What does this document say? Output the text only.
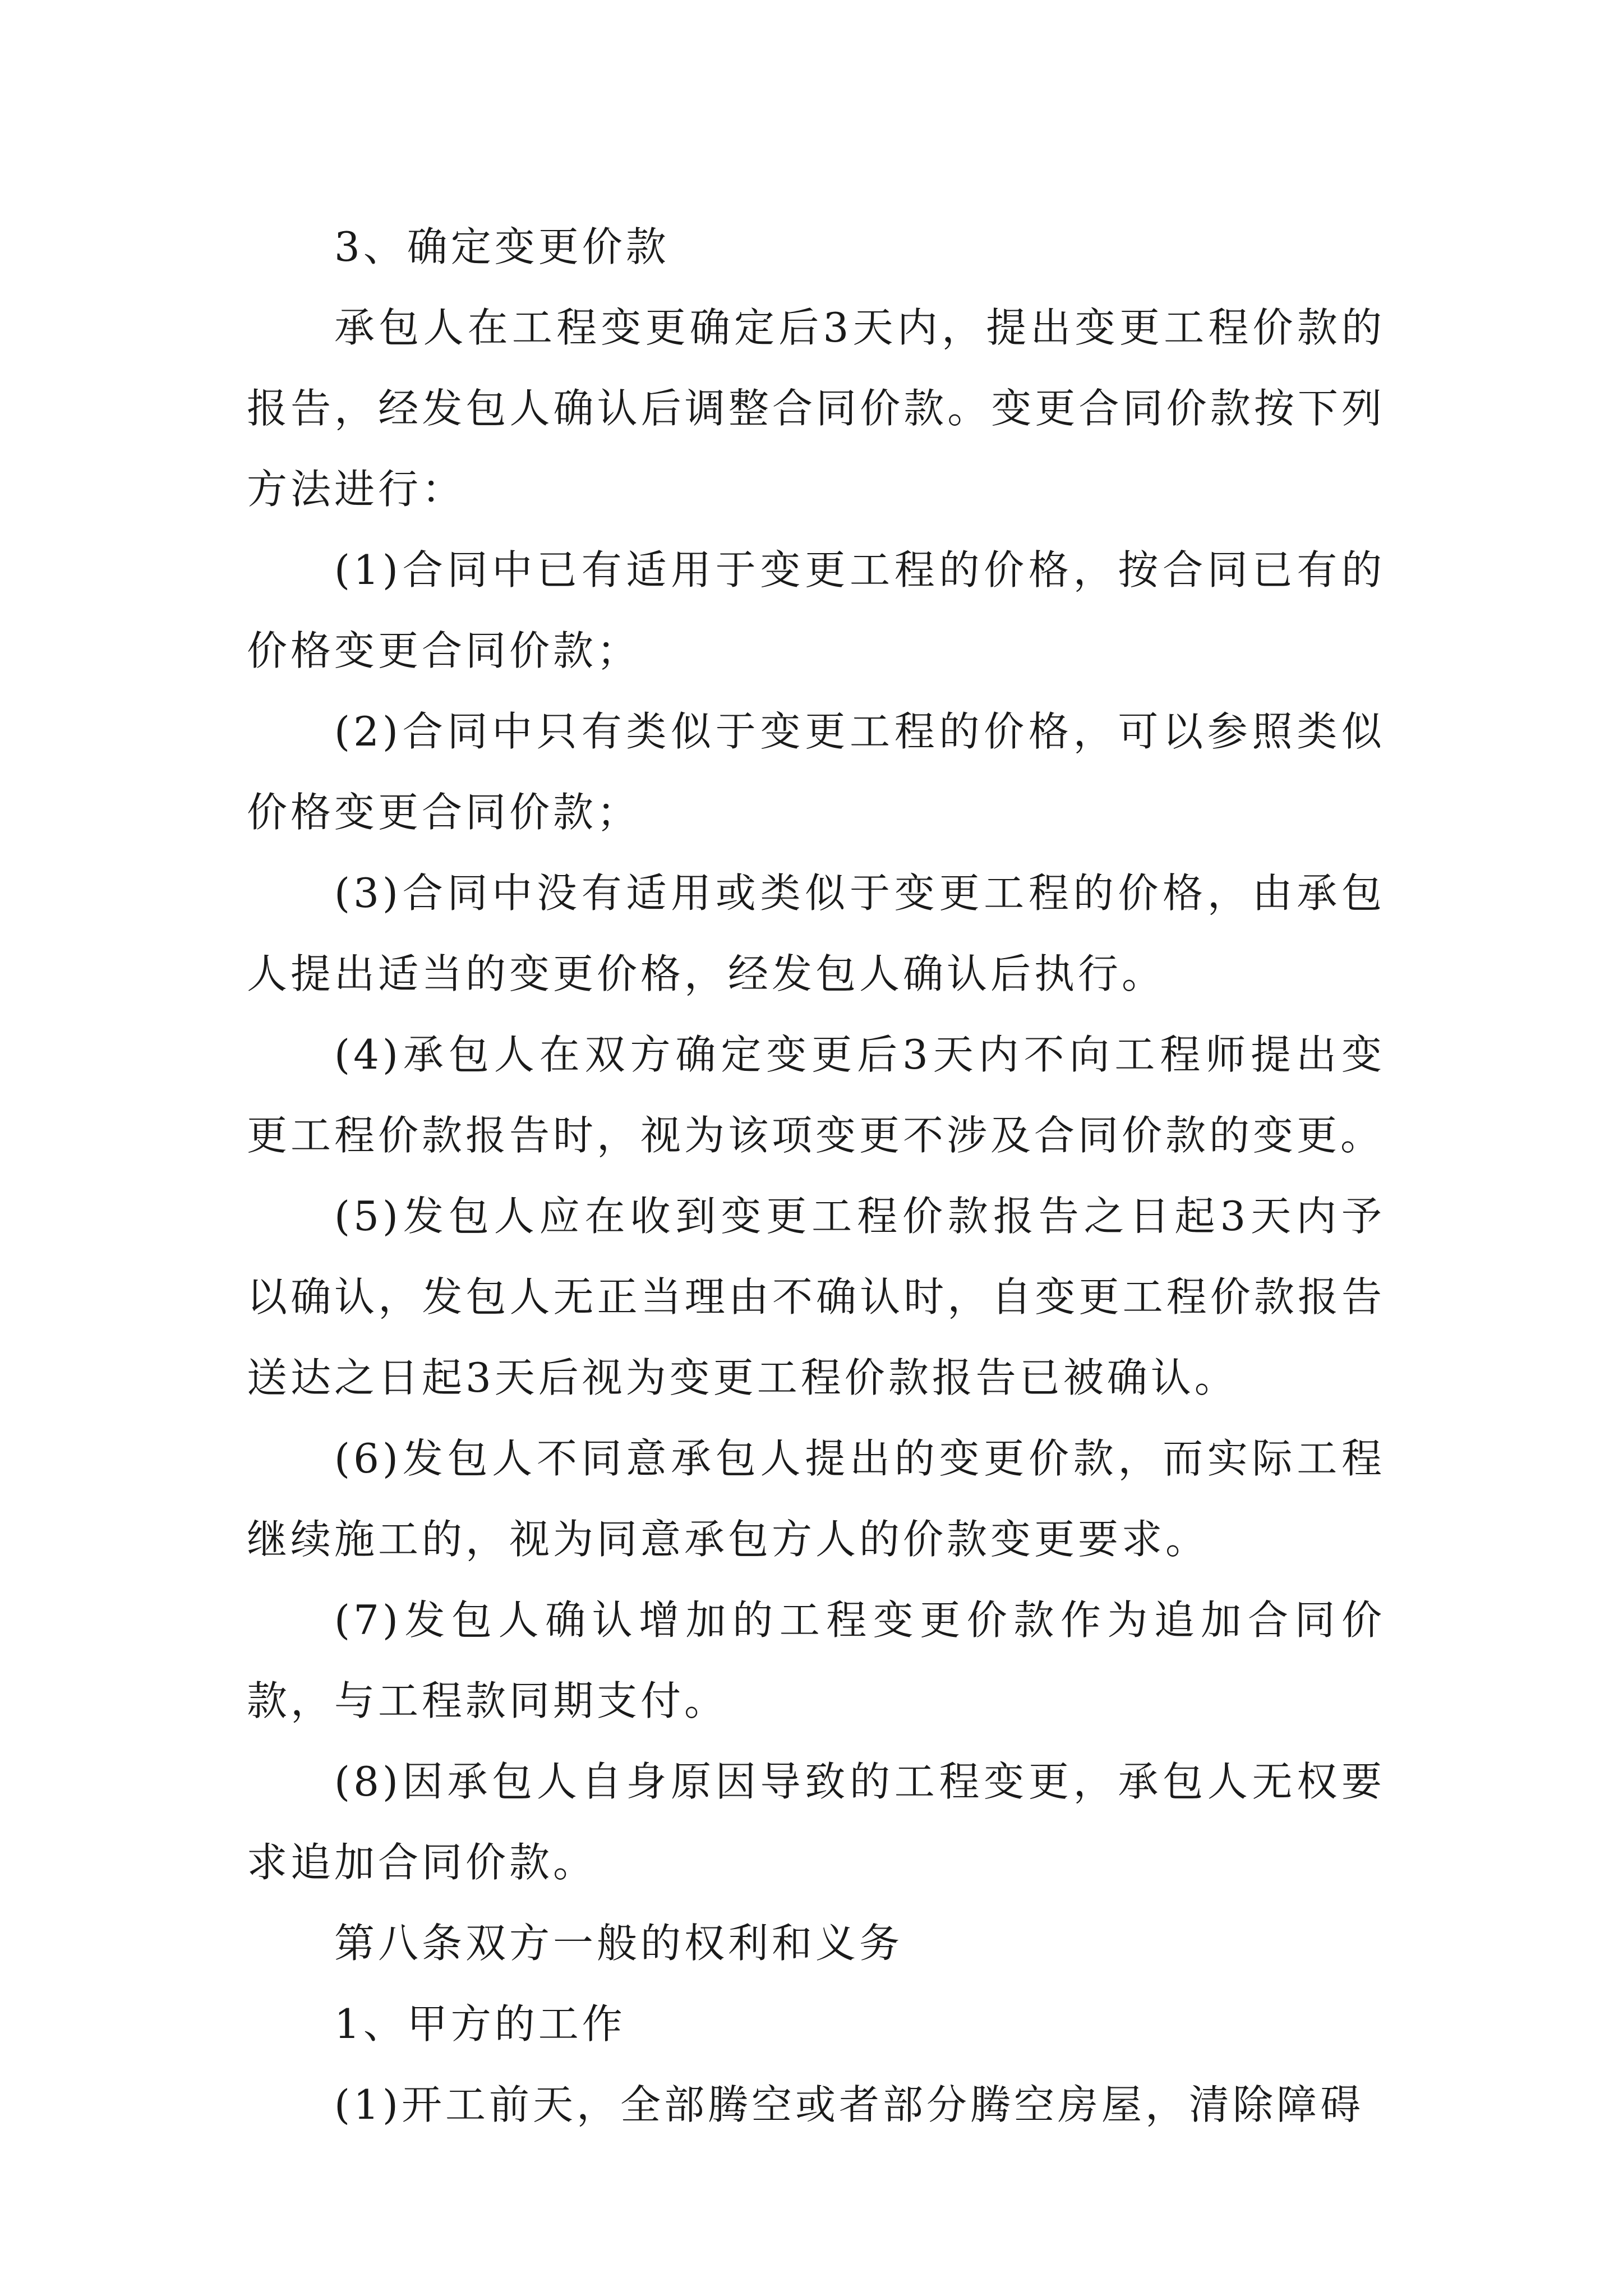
3、确定变更价款

承包人在工程变更确定后3天内，提出变更工程价款的报告，经发包人确认后调整合同价款。变更合同价款按下列方法进行：

(1)合同中已有适用于变更工程的价格，按合同已有的价格变更合同价款；

(2)合同中只有类似于变更工程的价格，可以参照类似价格变更合同价款；

(3)合同中没有适用或类似于变更工程的价格，由承包人提出适当的变更价格，经发包人确认后执行。

(4)承包人在双方确定变更后3天内不向工程师提出变更工程价款报告时，视为该项变更不涉及合同价款的变更。

(5)发包人应在收到变更工程价款报告之日起3天内予以确认，发包人无正当理由不确认时，自变更工程价款报告送达之日起3天后视为变更工程价款报告已被确认。

(6)发包人不同意承包人提出的变更价款，而实际工程继续施工的，视为同意承包方人的价款变更要求。

(7)发包人确认增加的工程变更价款作为追加合同价款，与工程款同期支付。

(8)因承包人自身原因导致的工程变更，承包人无权要求追加合同价款。

第八条双方一般的权利和义务

1、甲方的工作

(1)开工前天，全部腾空或者部分腾空房屋，清除障碍
